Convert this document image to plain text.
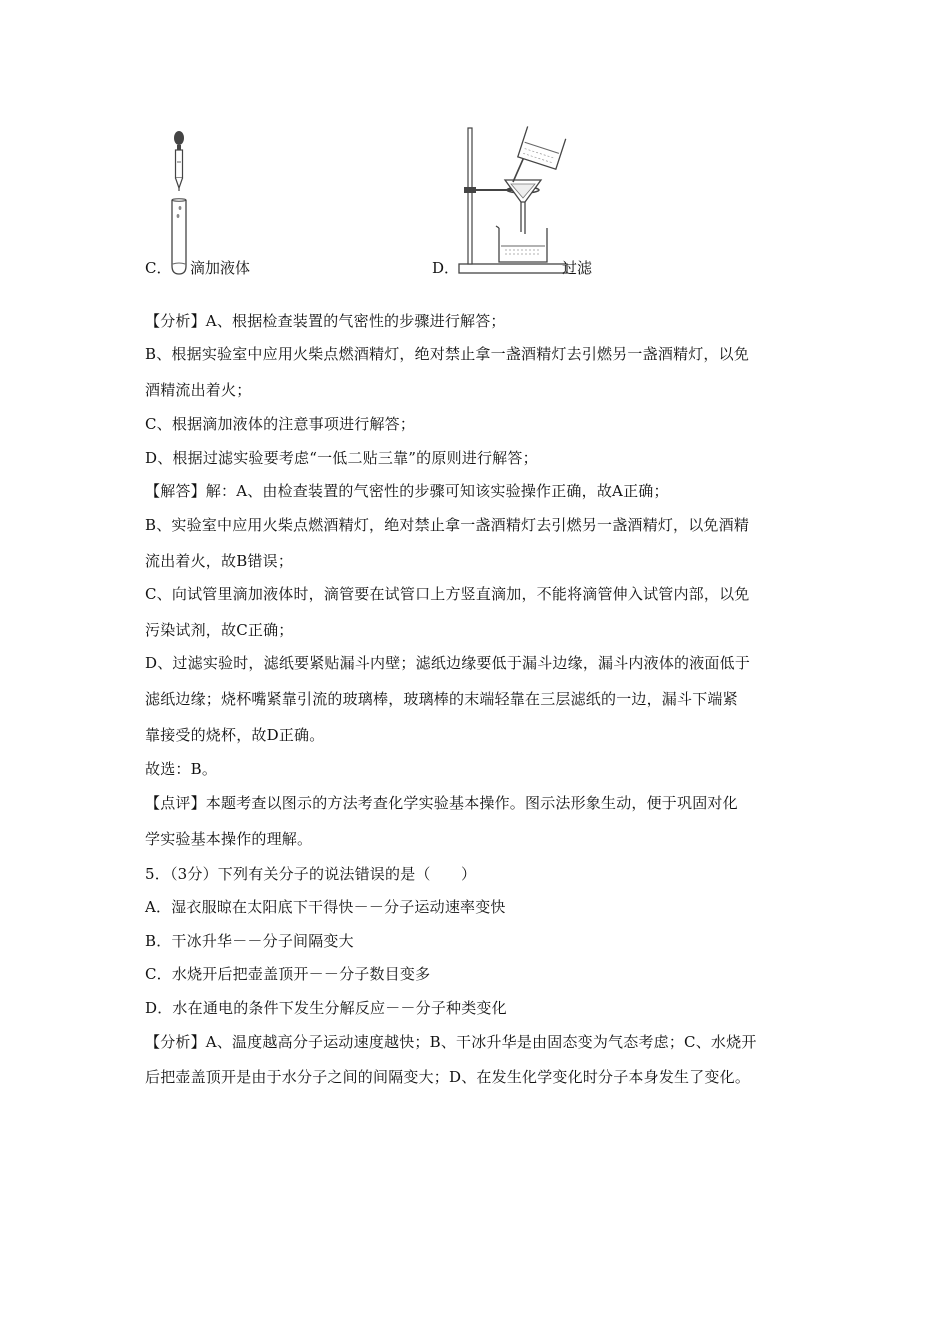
C． 滴加液体	D．	过滤
【分析】A、根据检查装置的气密性的步骤进行解答；
B、根据实验室中应用火柴点燃酒精灯，绝对禁止拿一盏酒精灯去引燃另一盏酒精灯，以免
酒精流出着火；
C、根据滴加液体的注意事项进行解答；
D、根据过滤实验要考虑“一低二贴三靠”的原则进行解答；
【解答】解：A、由检查装置的气密性的步骤可知该实验操作正确，故A正确；
B、实验室中应用火柴点燃酒精灯，绝对禁止拿一盏酒精灯去引燃另一盏酒精灯，以免酒精
流出着火，故B错误；
C、向试管里滴加液体时，滴管要在试管口上方竖直滴加，不能将滴管伸入试管内部，以免
污染试剂，故C正确；
D、过滤实验时，滤纸要紧贴漏斗内壁；滤纸边缘要低于漏斗边缘，漏斗内液体的液面低于
滤纸边缘；烧杯嘴紧靠引流的玻璃棒，玻璃棒的末端轻靠在三层滤纸的一边，漏斗下端紧
靠接受的烧杯，故D正确。
故选：B。
【点评】本题考查以图示的方法考查化学实验基本操作。图示法形象生动，便于巩固对化
学实验基本操作的理解。
5．（3分）下列有关分子的说法错误的是（　　）
A．湿衣服晾在太阳底下干得快－－分子运动速率变快
B．干冰升华－－分子间隔变大
C．水烧开后把壶盖顶开－－分子数目变多
D．水在通电的条件下发生分解反应－－分子种类变化
【分析】A、温度越高分子运动速度越快；B、干冰升华是由固态变为气态考虑；C、水烧开
后把壶盖顶开是由于水分子之间的间隔变大；D、在发生化学变化时分子本身发生了变化。
